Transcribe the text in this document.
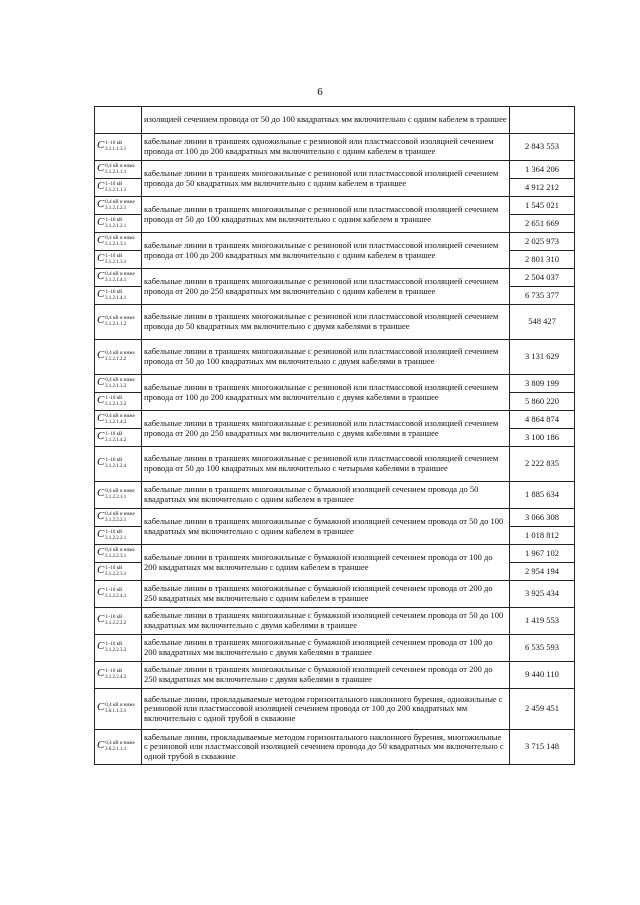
6
	изоляцией сечением провода от 50 до 100 квадратных мм включительно с одним кабелем в траншее	
C1–10 кВ
3.1.1.1.3.1	кабельные линии в траншеях одножильные с резиновой или пластмассовой изоляцией сечением провода от 100 до 200 квадратных мм включительно с одним кабелем в траншее	2 843 553
C0,4 кВ и ниже
3.1.2.1.1.1	кабельные линии в траншеях многожильные с резиновой или пластмассовой изоляцией сечением провода до 50 квадратных мм включительно с одним кабелем в траншее	1 364 206
C1–10 кВ
3.1.2.1.1.1		4 912 212
C0,4 кВ и ниже
3.1.2.1.2.1	кабельные линии в траншеях многожильные с резиновой или пластмассовой изоляцией сечением провода от 50 до 100 квадратных мм включительно с одним кабелем в траншее	1 545 021
C1–10 кВ
3.1.2.1.2.1		2 651 669
C0,4 кВ и ниже
3.1.2.1.3.1	кабельные линии в траншеях многожильные с резиновой или пластмассовой изоляцией сечением провода от 100 до 200 квадратных мм включительно с одним кабелем в траншее	2 025 973
C1–10 кВ
3.1.2.1.3.1		2 801 310
C0,4 кВ и ниже
3.1.2.1.4.1	кабельные линии в траншеях многожильные с резиновой или пластмассовой изоляцией сечением провода от 200 до 250 квадратных мм включительно с одним кабелем в траншее	2 504 037
C1–10 кВ
3.1.2.1.4.1		6 735 377
C0,4 кВ и ниже
3.1.2.1.1.2	кабельные линии в траншеях многожильные с резиновой или пластмассовой изоляцией сечением провода до 50 квадратных мм включительно с двумя кабелями в траншее	548 427
C0,4 кВ и ниже
3.1.2.1.2.2	кабельные линии в траншеях многожильные с резиновой или пластмассовой изоляцией сечением провода от 50 до 100 квадратных мм включительно с двумя кабелями в траншее	3 131 629
C0,4 кВ и ниже
3.1.2.1.3.2	кабельные линии в траншеях многожильные с резиновой или пластмассовой изоляцией сечением провода от 100 до 200 квадратных мм включительно с двумя кабелями в траншее	3 809 199
C1–10 кВ
3.1.2.1.3.2		5 860 220
C0,4 кВ и ниже
3.1.2.1.4.2	кабельные линии в траншеях многожильные с резиновой или пластмассовой изоляцией сечением провода от 200 до 250 квадратных мм включительно с двумя кабелями в траншее	4 864 874
C1–10 кВ
3.1.2.1.4.2		3 100 186
C1–10 кВ
3.1.2.1.2.4	кабельные линии в траншеях многожильные с резиновой или пластмассовой изоляцией сечением провода от 50 до 100 квадратных мм включительно с четырьмя кабелями в траншее	2 222 835
C0,4 кВ и ниже
3.1.2.2.1.1	кабельные линии в траншеях многожильные с бумажной изоляцией сечением провода до 50 квадратных мм включительно с одним кабелем в траншее	1 885 634
C0,4 кВ и ниже
3.1.2.2.2.1	кабельные линии в траншеях многожильные с бумажной изоляцией сечением провода от 50 до 100 квадратных мм включительно с одним кабелем в траншее	3 066 308
C1–10 кВ
3.1.2.2.2.1		1 018 812
C0,4 кВ и ниже
3.1.2.2.3.1	кабельные линии в траншеях многожильные с бумажной изоляцией сечением провода от 100 до 200 квадратных мм включительно с одним кабелем в траншее	1 967 102
C1–10 кВ
3.1.2.2.3.1		2 954 194
C1–10 кВ
3.1.2.2.4.1	кабельные линии в траншеях многожильные с бумажной изоляцией сечением провода от 200 до 250 квадратных мм включительно с одним кабелем в траншее	3 925 434
C1–10 кВ
3.1.2.2.2.2	кабельные линии в траншеях многожильные с бумажной изоляцией сечением провода от 50 до 100 квадратных мм включительно с двумя кабелями в траншее	1 419 553
C1–10 кВ
3.1.2.2.3.2	кабельные линии в траншеях многожильные с бумажной изоляцией сечением провода от 100 до 200 квадратных мм включительно с двумя кабелями в траншее	6 535 593
C1–10 кВ
3.1.2.2.4.2	кабельные линии в траншеях многожильные с бумажной изоляцией сечением провода от 200 до 250 квадратных мм включительно с двумя кабелями в траншее	9 440 110
C0,4 кВ и ниже
3.6.1.1.3.1	кабельные линии, прокладываемые методом горизонтального наклонного бурения, одножильные с резиновой или пластмассовой изоляцией сечением провода от 100 до 200 квадратных мм включительно с одной трубой в скважине	2 459 451
C0,4 кВ и ниже
3.6.2.1.1.1	кабельные линии, прокладываемые методом горизонтального наклонного бурения, многожильные с резиновой или пластмассовой изоляцией сечением провода до 50 квадратных мм включительно с одной трубой в скважине	3 715 148
